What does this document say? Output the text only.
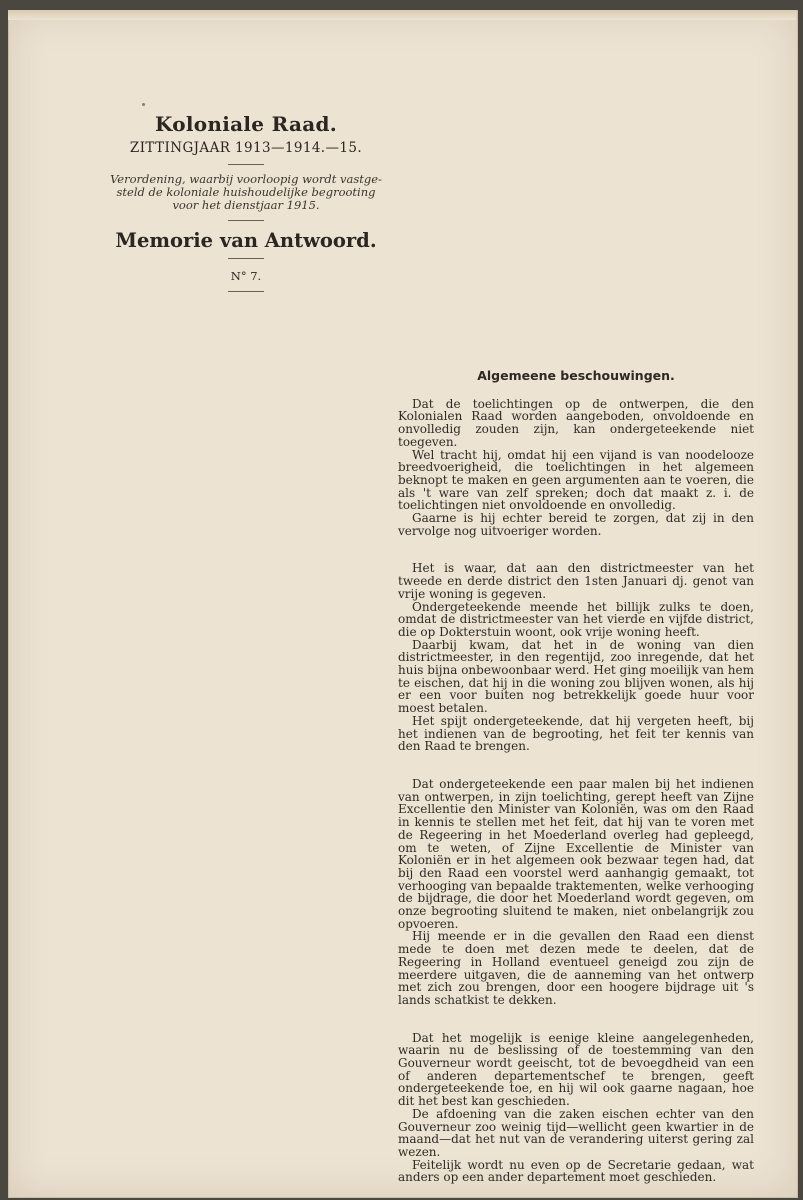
Koloniale Raad.

ZITTINGJAAR 1913—1914.—15.

Verordening, waarbij voorloopig wordt vastge-

steld de koloniale huishoudelijke begrooting

voor het dienstjaar 1915.

Memorie van Antwoord.

N° 7.

Algemeene beschouwingen.

Dat de toelichtingen op de ontwerpen, die den Kolonialen Raad worden aangeboden, onvoldoende en onvolledig zouden zijn, kan ondergeteekende niet toegeven.

Wel tracht hij, omdat hij een vijand is van noodelooze breedvoerigheid, die toelichtingen in het algemeen beknopt te maken en geen argumenten aan te voeren, die als 't ware van zelf spreken; doch dat maakt z. i. de toelichtingen niet onvoldoende en onvolledig.

Gaarne is hij echter bereid te zorgen, dat zij in den vervolge nog uitvoeriger worden.

Het is waar, dat aan den districtmeester van het tweede en derde district den 1sten Januari dj. genot van vrije woning is gegeven.

Ondergeteekende meende het billijk zulks te doen, omdat de districtmeester van het vierde en vijfde district, die op Dokterstuin woont, ook vrije woning heeft.

Daarbij kwam, dat het in de woning van dien districtmeester, in den regentijd, zoo inregende, dat het huis bijna onbewoonbaar werd. Het ging moeilijk van hem te eischen, dat hij in die woning zou blijven wonen, als hij er een voor buiten nog betrekkelijk goede huur voor moest betalen.

Het spijt ondergeteekende, dat hij vergeten heeft, bij het indienen van de begrooting, het feit ter kennis van den Raad te brengen.

Dat ondergeteekende een paar malen bij het indienen van ontwerpen, in zijn toelichting, gerept heeft van Zijne Excellentie den Minister van Koloniën, was om den Raad in kennis te stellen met het feit, dat hij van te voren met de Regeering in het Moederland overleg had gepleegd, om te weten, of Zijne Excellentie de Minister van Koloniën er in het algemeen ook bezwaar tegen had, dat bij den Raad een voorstel werd aanhangig gemaakt, tot verhooging van bepaalde traktementen, welke verhooging de bijdrage, die door het Moederland wordt gegeven, om onze begrooting sluitend te maken, niet onbelangrijk zou opvoeren.

Hij meende er in die gevallen den Raad een dienst mede te doen met dezen mede te deelen, dat de Regeering in Holland eventueel geneigd zou zijn de meerdere uitgaven, die de aanneming van het ontwerp met zich zou brengen, door een hoogere bijdrage uit 's lands schatkist te dekken.

Dat het mogelijk is eenige kleine aangelegenheden, waarin nu de beslissing of de toestemming van den Gouverneur wordt geeischt, tot de bevoegdheid van een of anderen departementschef te brengen, geeft ondergeteekende toe, en hij wil ook gaarne nagaan, hoe dit het best kan geschieden.

De afdoening van die zaken eischen echter van den Gouverneur zoo weinig tijd—wellicht geen kwartier in de maand—dat het nut van de verandering uiterst gering zal wezen.

Feitelijk wordt nu even op de Secretarie gedaan, wat anders op een ander departement moet geschieden.
